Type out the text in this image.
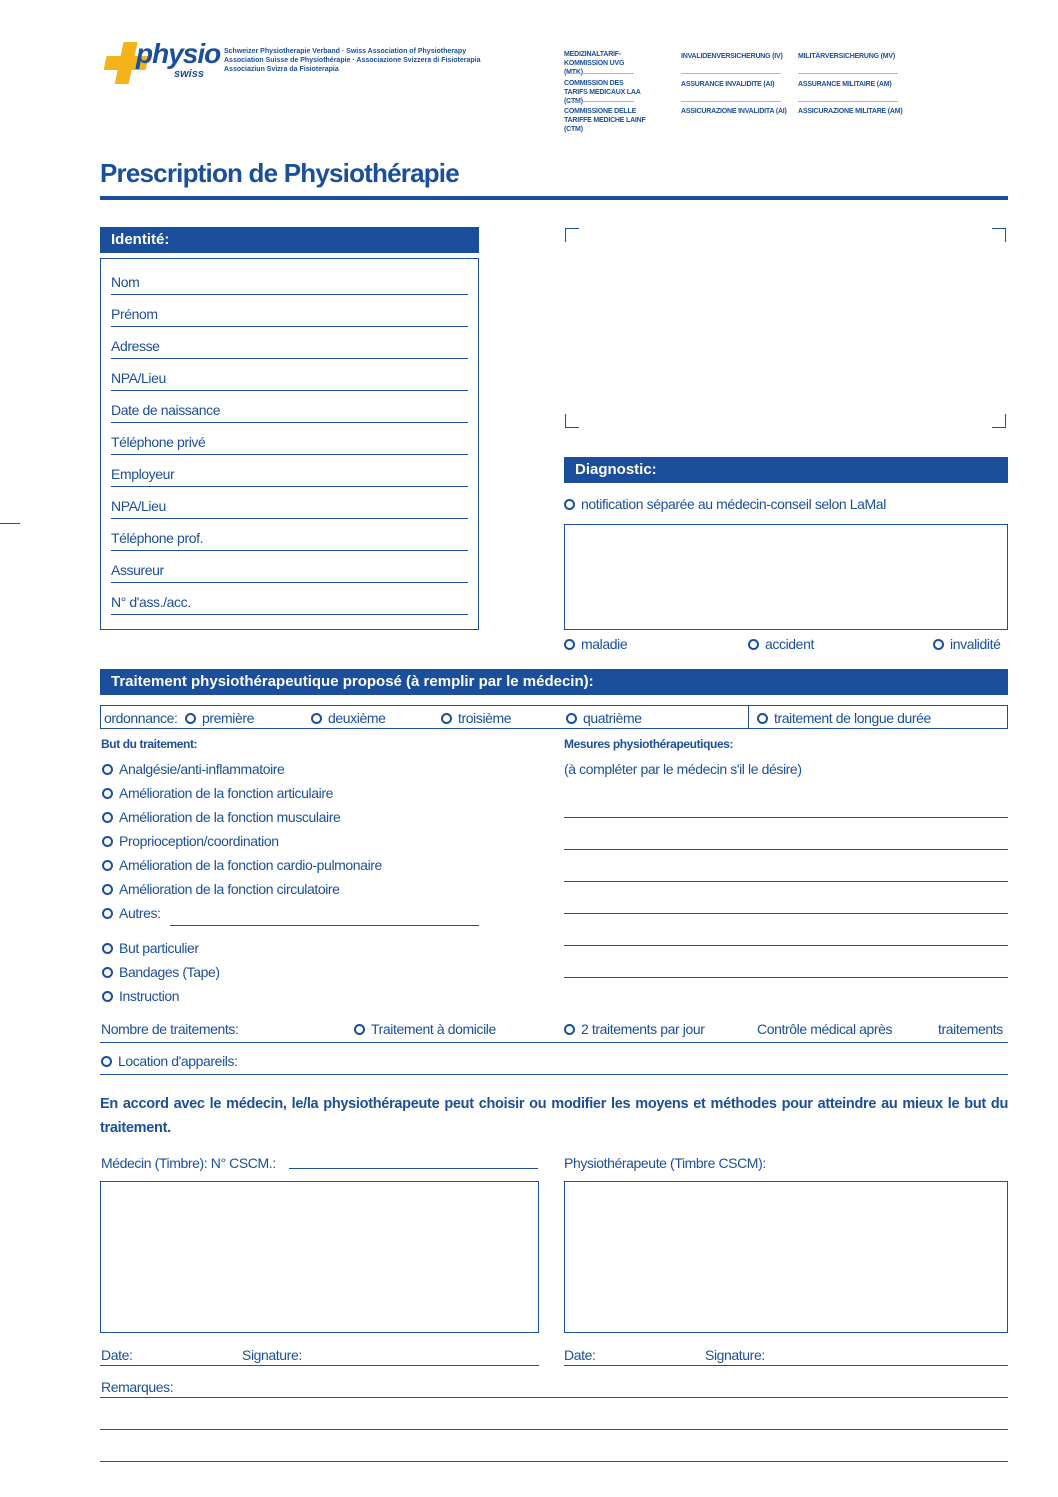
physio
swiss
Schweizer Physiotherapie Verband · Swiss Association of Physiotherapy
Association Suisse de Physiothérapie · Associazione Svizzera di Fisioterapia
Associaziun Svizra da Fisioterapia
MEDIZINALTARIF-KOMMISSION UVG
COMMISSION DES TARIFS MEDICAUX LAA
COMMISSIONE DELLE TARIFFE MEDICHE LAINF (CTM)
INVALIDENVERSICHERUNG (IV)
ASSURANCE INVALIDITE (AI)
ASSICURAZIONE INVALIDITA (AI)
MILITÄRVERSICHERUNG (MV)
ASSURANCE MILITAIRE (AM)
ASSICURAZIONE MILITARE (AM)
Prescription de Physiothérapie
Identité:
Nom
Prénom
Adresse
NPA/Lieu
Date de naissance
Téléphone privé
Employeur
NPA/Lieu
Téléphone prof.
Assureur
N° d'ass./acc.
Diagnostic:
notification séparée au médecin-conseil selon LaMal
maladie	accident	invalidité
Traitement physiothérapeutique proposé (à remplir par le médecin):
ordonnance:	première	deuxième	troisième	quatrième	traitement de longue durée
But du traitement:
Analgésie/anti-inflammatoire
Amélioration de la fonction articulaire
Amélioration de la fonction musculaire
Proprioception/coordination
Amélioration de la fonction cardio-pulmonaire
Amélioration de la fonction circulatoire
Autres:
But particulier
Bandages (Tape)
Instruction
Mesures physiothérapeutiques:
(à compléter par le médecin s'il le désire)
Nombre de traitements:	Traitement à domicile	2 traitements par jour	Contrôle médical après	traitements
Location d'appareils:
En accord avec le médecin, le/la physiothérapeute peut choisir ou modifier les moyens et méthodes pour atteindre au mieux le but du traitement.
Médecin (Timbre): N° CSCM.:	Physiothérapeute (Timbre CSCM):
Date:	Signature:	Date:	Signature:
Remarques:
